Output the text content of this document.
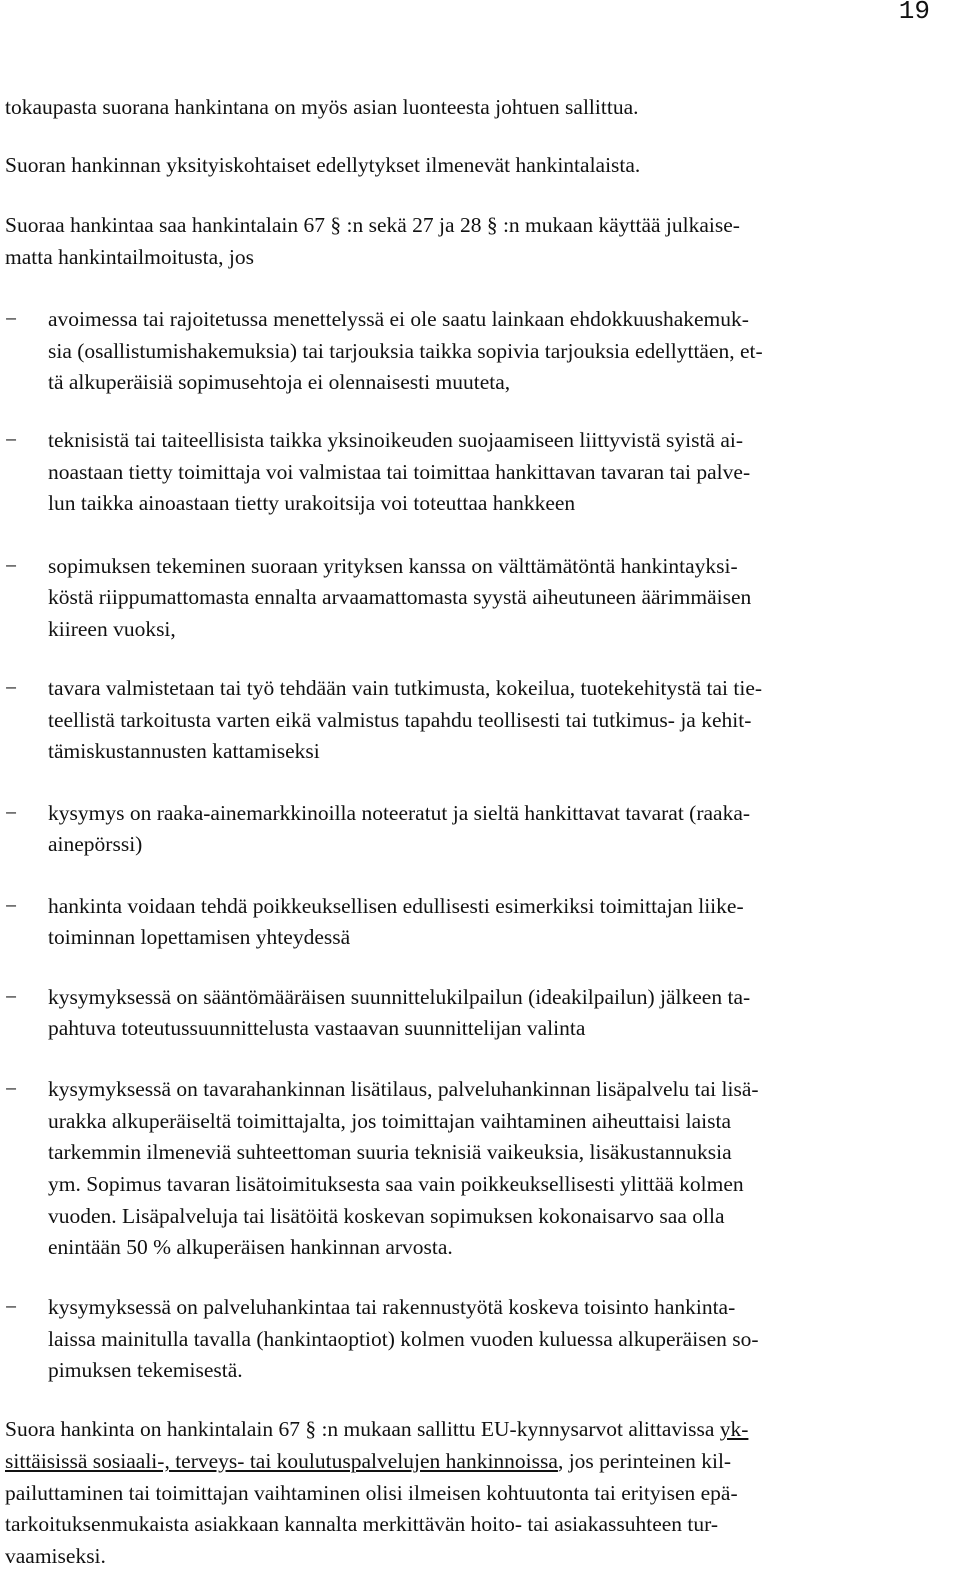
19
tokaupasta suorana hankintana on myös asian luonteesta johtuen sallittua.
Suoran hankinnan yksityiskohtaiset edellytykset ilmenevät hankintalaista.
Suoraa hankintaa saa hankintalain 67 § :n sekä 27 ja 28 § :n mukaan käyttää julkaise-
matta hankintailmoitusta, jos
− avoimessa tai rajoitetussa menettelyssä ei ole saatu lainkaan ehdokkuushakemuk-
sia (osallistumishakemuksia) tai tarjouksia taikka sopivia tarjouksia edellyttäen, et-
tä alkuperäisiä sopimusehtoja ei olennaisesti muuteta,
− teknisistä tai taiteellisista taikka yksinoikeuden suojaamiseen liittyvistä syistä ai-
noastaan tietty toimittaja voi valmistaa tai toimittaa hankittavan tavaran tai palve-
lun taikka ainoastaan tietty urakoitsija voi toteuttaa hankkeen
− sopimuksen tekeminen suoraan yrityksen kanssa on välttämätöntä hankintayksi-
köstä riippumattomasta ennalta arvaamattomasta syystä aiheutuneen äärimmäisen
kiireen vuoksi,
− tavara valmistetaan tai työ tehdään vain tutkimusta, kokeilua, tuotekehitystä tai tie-
teellistä tarkoitusta varten eikä valmistus tapahdu teollisesti tai tutkimus- ja kehit-
tämiskustannusten kattamiseksi
− kysymys on raaka-ainemarkkinoilla noteeratut ja sieltä hankittavat tavarat (raaka-
ainepörssi)
− hankinta voidaan tehdä poikkeuksellisen edullisesti esimerkiksi toimittajan liike-
toiminnan lopettamisen yhteydessä
− kysymyksessä on sääntömääräisen suunnittelukilpailun (ideakilpailun) jälkeen ta-
pahtuva toteutussuunnittelusta vastaavan suunnittelijan valinta
− kysymyksessä on tavarahankinnan lisätilaus, palveluhankinnan lisäpalvelu tai lisä-
urakka alkuperäiseltä toimittajalta, jos toimittajan vaihtaminen aiheuttaisi laista
tarkemmin ilmeneviä suhteettoman suuria teknisiä vaikeuksia, lisäkustannuksia
ym. Sopimus tavaran lisätoimituksesta saa vain poikkeuksellisesti ylittää kolmen
vuoden. Lisäpalveluja tai lisätöitä koskevan sopimuksen kokonaisarvo saa olla
enintään 50 % alkuperäisen hankinnan arvosta.
− kysymyksessä on palveluhankintaa tai rakennustyötä koskeva toisinto hankinta-
laissa mainitulla tavalla (hankintaoptiot) kolmen vuoden kuluessa alkuperäisen so-
pimuksen tekemisestä.
Suora hankinta on hankintalain 67 § :n mukaan sallittu EU-kynnysarvot alittavissa yk-
sittäisissä sosiaali-, terveys- tai koulutuspalvelujen hankinnoissa, jos perinteinen kil-
pailuttaminen tai toimittajan vaihtaminen olisi ilmeisen kohtuutonta tai erityisen epä-
tarkoituksenmukaista asiakkaan kannalta merkittävän hoito- tai asiakassuhteen tur-
vaamiseksi.
